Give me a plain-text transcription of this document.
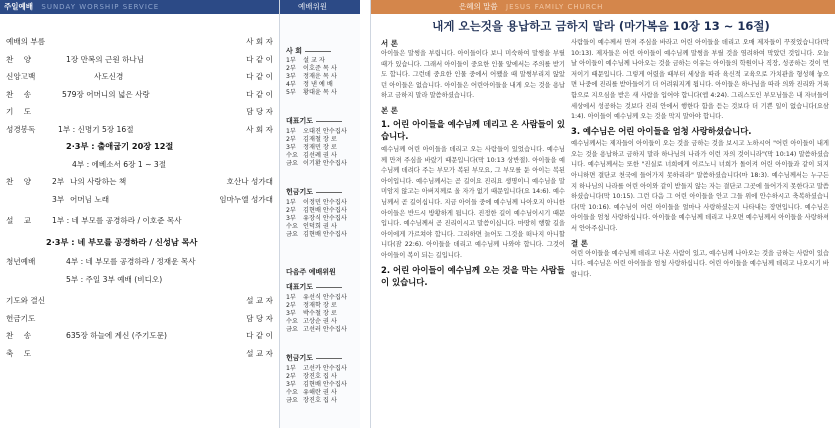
주일예배 SUNDAY WORSHIP SERVICE
예배의 부름	사 회 자
찬 양	1장 만복의 근원 하나님	다 같 이
신앙고백	사도신경	다 같 이
찬 송	579장 어머니의 넓은 사랑	다 같 이
기 도	담 당 자
성경봉독	1부 : 신명기 5장 16절	사 회 자
2·3부 : 출애굽기 20장 12절
4부 : 에베소서 6장 1 ~ 3절
찬 양	2부 나의 사랑하는 책	호산나 성가대
3부 어머님 노래	임마누엘 성가대
설 교	1부 : 네 부모를 공경하라 / 이호준 목사
2·3부 : 네 부모를 공경하라 / 신성남 목사
청년예배	4부 : 네 부모를 공경하라 / 정재운 목사
5부 : 주일 3부 예배 (비디오)
기도와 결신	설 교 자
헌금기도	담 당 자
찬 송	635장 하늘에 계신 (주기도문)	다 같 이
축 도	설 교 자
예배위원
사 회
1부 설 교 자
2부 이호준 목 사
3부 정재운 목 사
4부 정 낸 예 배
5부 황대윤 목 사
대표기도
1부 오대진 안수집사
2부 김재철 장 로
3부 정재민 장 로
수요 김선례 권 사
금요 이기환 안수집사
헌금기도
1부 이정민 안수집사
2부 김현배 안수집사
3부 유장식 안수집사
수요 인덕희 권 사
금요 김현배 안수집사
다음주 예배위원
대표기도
1부 유선식 안수집사
2부 정재학 장 로
3부 박수철 장 로
수요 고상순 권 사
금요 고선러 안수집사
헌금기도
1부 고선카 안수집사
2부 장진호 집 사
3부 김현배 안수집사
수요 유해란 권 사
금요 장진호 집 사
은혜의 말씀 JESUS FAMILY CHURCH
내게 오는것을 용납하고 금하지 말라 (마가복음 10장 13 ~ 16절)
서 론

아이들은 말썽을 부립니다. 아이들이다 보니 미숙하여 말썽을 부릴 때가 있습니다. 그래서 아이들이 중요한 인물 앞에서는 주의를 받기도 합니다. 그런데 중요한 인물 중에서 어쨌을 때 말썽부리지 않았던 아이들은 없습니다. 아이들은 어린아이들을 내게 오는 것을 용납하고 금하지 말라 말씀하셨습니다.

본 론
1. 어린 아이들을 예수님께 데리고 온 사람들이 있습니다.

예수님께 어린 아이들을 데리고 오는 사람들이 있었습니다. 예수님께 만져 주심을 바랐기 때문입니다(막 10:13 상반절). 아이들을 예수님께 데려다 주는 부모가 복된 부모요, 그 부모를 둔 아이는 복된 아이입니다. 예수님께서는 곧 길이요 진리요 생명이니 예수님을 말미암지 않고는 아버지께로 올 자가 없기 때문입니다(요 14:6). 예수님께서 곧 길이십니다. 지금 아이들 중에 예수님께 나아오지 아니한 아이들은 반드시 방황하게 됩니다. 진정한 길이 예수님이시기 때문입니다. 예수님께서 곧 진리이시고 말씀이십니다. 마땅히 행할 길을 아이에게 가르쳐야 합니다. 그리하면 늙어도 그것을 떠나지 아니할니다(잠 22:6). 아이들을 데리고 예수님께 나와야 합니다. 그것이 아이들이 복이 되는 길입니다.

2. 어린 아이들이 예수님께 오는 것을 막는 사람들이 있습니다.

사람들이 예수께서 만져 주심을 바라고 어린 아이들을 데리고 오매 제자들이 꾸짖었습니다(막 10:13). 제자들은 어린 아이들이 예수님께 말썽을 부릴 것을 염려하여 막았던 것입니다. 오늘날 아이들이 예수님께 나아오는 것을 금하는 이유는 아이들의 학원이나 직장, 성공하는 것이 먼저이기 때문입니다. 그렇게 어렸을 때부터 세상을 따라 육신적 교육으로 가치관을 형성해 놓으면 나중에 진리를 받아들이기 더 어려워지게 됩니다. 아이들은 하나님을 따라 의와 진리와 거룩함으로 지으심을 받은 새 사람을 입어야 합니다(엡 4:24). 그리스도인 부모님들은 내 자녀들이 세상에서 성공하는 것보다 진리 안에서 행한다 함을 듣는 것보다 더 기쁜 일이 없습니다(요삼 1:4). 아이들이 예수님께 오는 것을 막지 말아야 합니다.

3. 예수님은 어린 아이들을 엄청 사랑하셨습니다.

예수님께서는 제자들이 아이들이 오는 것을 금하는 것을 보시고 노하시어 "어린 아이들이 내게 오는 것을 용납하고 금하지 말라 하나님의 나라가 이런 자의 것이니라"(막 10:14) 말씀하셨습니다. 예수님께서는 또한 "진실로 너희에게 이르노니 너희가 돌이켜 어린 아이들과 같이 되지 아니하면 결단코 천국에 들어가지 못하리라" 말씀하셨습니다(마 18:3). 예수님께서는 누구든지 하나님의 나라를 어린 아이와 같이 받들지 않는 자는 결단코 그곳에 들어가지 못한다고 말씀하셨습니다(막 10:15). 그런 다음 그 어린 아이들을 안고 그들 위에 안수하시고 축복하셨습니다(막 10:16). 예수님이 어린 아이들을 얼마나 사랑하셨는지 나타내는 장면입니다. 예수님은 아이들을 엄청 사랑하십니다. 아이들을 예수님께 데리고 나오면 예수님께서 아이들을 사랑하셔서 안아주십니다.

결 론

어린 아이들을 예수님께 데리고 나온 사람이 있고, 예수님께 나아오는 것을 금하는 사람이 있습니다. 예수님은 어린 아이들을 엄청 사랑하십니다. 어린 아이들을 예수님께 데리고 나오시기 바랍니다.
